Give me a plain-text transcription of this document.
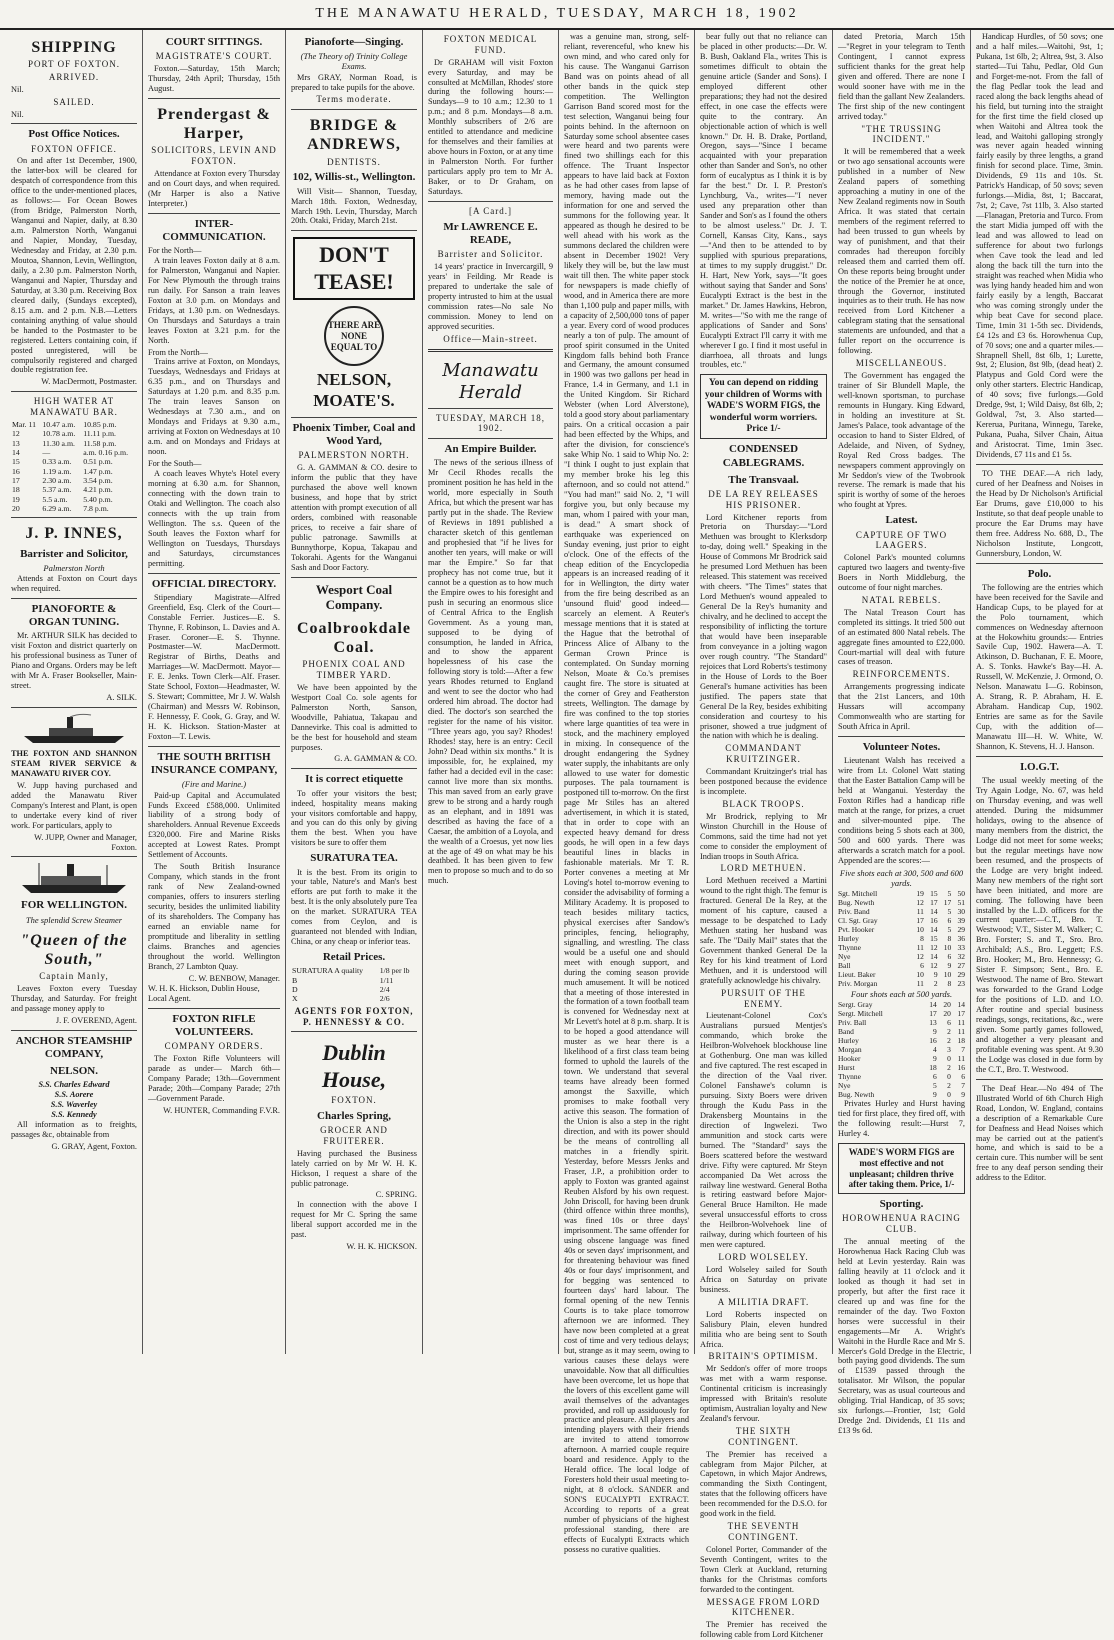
THE MANAWATU HERALD, TUESDAY, MARCH 18, 1902
SHIPPING
PORT OF FOXTON.
ARRIVED.
Nil.
SAILED.
Nil.
Post Office Notices.
FOXTON OFFICE.

On and after 1st December, 1900, the latter-box will be cleared for despatch of correspondence from this office to the under-mentioned places, as follows:— For Ocean Bowes (from Bridge, Palmerston North, Wanganui and Napier, daily, at 8.30 a.m. Palmerston North, Wanganui and Napier, Monday, Tuesday, Wednesday and Friday, at 2.30 p.m. Moutoa, Shannon, Levin, Wellington, daily, a 2.30 p.m. Palmerston North, Wanganui and Napier, Thursday and Saturday, at 3.30 p.m. Receiving Box cleared daily, (Sundays excepted), 8.15 a.m. and 2 p.m. N.B.—Letters containing anything of value should be handed to the Postmaster to be registered. Letters containing coin, if posted unregistered, will be compulsorily registered and charged double registration fee.

W. MacDermott, Postmaster.
HIGH WATER AT MANAWATU BAR.
Mar. 11	10.47 a.m.	10.85 p.m.
12	10.78 a.m.	11.11 p.m.
13	11.30 a.m.	11.58 p.m.
14	—	a.m. 0.16 p.m.
15	0.33 a.m.	0.51 p.m.
16	1.19 a.m.	1.47 p.m.
17	2.30 a.m.	3.54 p.m.
18	5.37 a.m.	4.21 p.m.
19	5.5 a.m.	5.40 p.m.
20	6.29 a.m.	7.8 p.m.
J. P. INNES,
Barrister and Solicitor,
Palmerston North

Attends at Foxton on Court days when required.

PIANOFORTE & ORGAN TUNING.

Mr. ARTHUR SILK has decided to visit Foxton and district quarterly on his professional business as Tuner of Piano and Organs. Orders may be left with Mr A. Fraser Bookseller, Main-street.

A. SILK.

THE FOXTON AND SHANNON STEAM RIVER SERVICE & MANAWATU RIVER COY.

W. Jupp having purchased and added the Manawatu River Company's Interest and Plant, is open to undertake every kind of river work. For particulars, apply to

W. JUPP, Owner and Manager, Foxton.
FOR WELLINGTON.
The splendid Screw Steamer
"Queen of the South,"
Captain Manly,

Leaves Foxton every Tuesday Thursday, and Saturday. For freight and passage money apply to

J. F. OVEREND, Agent.
ANCHOR STEAMSHIP COMPANY,
NELSON.
S.S. Charles Edward
S.S. Aorere
S.S. Waverley
S.S. Kennedy

All information as to freights, passages &c, obtainable from

G. GRAY, Agent, Foxton.
COURT SITTINGS.
MAGISTRATE'S COURT.

Foxton.—Saturday, 15th March; Thursday, 24th April; Thursday, 15th August.

Prendergast & Harper,
SOLICITORS, LEVIN AND FOXTON.

Attendance at Foxton every Thursday and on Court days, and when required. (Mr Harper is also a Native Interpreter.)

INTER-COMMUNICATION.
For the North—

A train leaves Foxton daily at 8 a.m. for Palmerston, Wanganui and Napier. For New Plymouth the through trains run daily. For Sanson a train leaves Foxton at 3.0 p.m. on Mondays and Fridays, at 1.30 p.m. on Wednesdays. On Thursdays and Saturdays a train leaves Foxton at 3.21 p.m. for the North.

From the North—

Trains arrive at Foxton, on Mondays, Tuesdays, Wednesdays and Fridays at 6.35 p.m., and on Thursdays and Saturdays at 1.20 p.m. and 8.35 p.m. The train leaves Sanson on Wednesdays at 7.30 a.m., and on Mondays and Fridays at 9.30 a.m., arriving at Foxton on Wednesdays at 10 a.m. and on Mondays and Fridays at noon.

For the South—

A coach leaves Whyte's Hotel every morning at 6.30 a.m. for Shannon, connecting with the down train to Otaki and Wellington. The coach also connects with the up train from Wellington. The s.s. Queen of the South leaves the Foxton wharf for Wellington on Tuesdays, Thursdays and Saturdays, circumstances permitting.

OFFICIAL DIRECTORY.

Stipendiary Magistrate—Alfred Greenfield, Esq. Clerk of the Court—Constable Ferrier. Justices—E. S. Thynne, F. Robinson, L. Davies and A. Fraser. Coroner—E. S. Thynne. Postmaster—W. MacDermott. Registrar of Births, Deaths and Marriages—W. MacDermott. Mayor—F. E. Jenks. Town Clerk—Alf. Fraser. State School, Foxton—Headmaster, W. S. Stewart; Committee, Mr J. W. Walsh (Chairman) and Messrs W. Robinson, F. Hennessy, F. Cook, G. Gray, and W. H. K. Hickson. Station-Master at Foxton—T. Lewis.

THE SOUTH BRITISH INSURANCE COMPANY,
(Fire and Marine.)

Paid-up Capital and Accumulated Funds Exceed £588,000. Unlimited liability of a strong body of shareholders. Annual Revenue Exceeds £320,000. Fire and Marine Risks accepted at Lowest Rates. Prompt Settlement of Accounts.

The South British Insurance Company, which stands in the front rank of New Zealand-owned companies, offers to insurers sterling security, besides the unlimited liability of its shareholders. The Company has earned an enviable name for promptitude and liberality in settling claims. Branches and agencies throughout the world. Wellington Branch, 27 Lambton Quay.

C. W. BENBOW, Manager.
W. H. K. Hickson, Dublin House, Local Agent.
FOXTON RIFLE VOLUNTEERS.
COMPANY ORDERS.

The Foxton Rifle Volunteers will parade as under— March 6th—Company Parade; 13th—Government Parade; 20th—Company Parade; 27th—Government Parade.

W. HUNTER, Commanding F.V.R.
Pianoforte—Singing.
(The Theory of) Trinity College Exams.

Mrs GRAY, Norman Road, is prepared to take pupils for the above.

Terms moderate.
BRIDGE & ANDREWS,
DENTISTS.
102, Willis-st., Wellington.

Will Visit— Shannon, Tuesday, March 18th. Foxton, Wednesday, March 19th. Levin, Thursday, March 20th. Otaki, Friday, March 21st.

DON'T TEASE!
THERE ARE NONE EQUAL TO
NELSON, MOATE'S.
Phoenix Timber, Coal and Wood Yard,
PALMERSTON NORTH.

G. A. GAMMAN & CO. desire to inform the public that they have purchased the above well known business, and hope that by strict attention with prompt execution of all orders, combined with reasonable prices, to receive a fair share of public patronage. Sawmills at Bunnythorpe, Kopua, Takapau and Tokorahi. Agents for the Wanganui Sash and Door Factory.

Wesport Coal Company.
Coalbrookdale Coal.
PHOENIX COAL AND TIMBER YARD.

We have been appointed by the Westport Coal Co. sole agents for Palmerston North, Sanson, Woodville, Pahiatua, Takapau and Dannevirke. This coal is admitted to be the best for household and steam purposes.

G. A. GAMMAN & CO.
It is correct etiquette

To offer your visitors the best; indeed, hospitality means making your visitors comfortable and happy, and you can do this only by giving them the best. When you have visitors be sure to offer them

SURATURA TEA.

It is the best. From its origin to your table, Nature's and Man's best efforts are put forth to make it the best. It is the only absolutely pure Tea on the market. SURATURA TEA comes from Ceylon, and is guaranteed not blended with Indian, China, or any cheap or inferior teas.

Retail Prices.
SURATURA A quality	1/8 per lb
B	1/11
D	2/4
X	2/6
AGENTS FOR FOXTON, P. HENNESSY & CO.
Dublin House,
FOXTON.
Charles Spring,
GROCER AND FRUITERER.

Having purchased the Business lately carried on by Mr W. H. K. Hickson, I request a share of the public patronage.

C. SPRING.

In connection with the above I request for Mr C. Spring the same liberal support accorded me in the past.

W. H. K. HICKSON.
FOXTON MEDICAL FUND.

Dr GRAHAM will visit Foxton every Saturday, and may be consulted at McMillan, Rhodes' store during the following hours:— Sundays—9 to 10 a.m.; 12.30 to 1 p.m.; and 8 p.m. Mondays—8 a.m. Monthly subscribers of 2/6 are entitled to attendance and medicine for themselves and their families at above hours in Foxton, or at any time in Palmerston North. For further particulars apply pro tem to Mr A. Baker, or to Dr Graham, on Saturdays.

[A Card.]
Mr LAWRENCE E. READE,
Barrister and Solicitor.

14 years' practice in Invercargill, 9 years' in Feilding. Mr Reade is prepared to undertake the sale of property intrusted to him at the usual commission rates—No sale No commission. Money to lend on approved securities.

Office—Main-street.
Manawatu Herald
TUESDAY, MARCH 18, 1902.
An Empire Builder.

The news of the serious illness of Mr Cecil Rhodes recalls the prominent position he has held in the world, more especially in South Africa, but which the present war has partly put in the shade. The Review of Reviews in 1891 published a character sketch of this gentleman and prophesied that "if he lives for another ten years, will make or will mar the Empire." So far that prophecy has not come true, but it cannot be a question as to how much the Empire owes to his foresight and push in securing an enormous slice of Central Africa to the English Government. As a young man, supposed to be dying of consumption, he landed in Africa, and to show the apparent hopelessness of his case the following story is told:—After a few years Rhodes returned to England and went to see the doctor who had ordered him abroad. The doctor had died. The doctor's son searched the register for the name of his visitor. "Three years ago, you say? Rhodes! Rhodes! stay, here is an entry: Cecil John? Dead within six months." It is impossible, for, he explained, my father had a decided evil in the case: cannot live more than six months. This man saved from an early grave grew to be strong and a hardy rough as an elephant, and in 1891 was described as having the face of a Caesar, the ambition of a Loyola, and the wealth of a Croesus, yet now lies at the age of 49 on what may be his deathbed. It has been given to few men to propose so much and to do so much.

was a genuine man, strong, self-reliant, reverenceful, who knew his own mind, and who cared only for his cause. The Wanganui Garrison Band was on points ahead of all other bands in the quick step competition. The Wellington Garrison Band scored most for the test selection, Wanganui being four points behind. In the afternoon on Saturday some school absentee cases were heard and two parents were fined two shillings each for this offence. The Truant Inspector appears to have laid back at Foxton as he had other cases from lapse of memory, having made out the information for one and served the summons for the following year. It appeared as though he desired to be well ahead with his work as the summons declared the children were absent in December 1902! Very likely they will be, but the law must wait till then. The white paper stock for newspapers is made chiefly of wood, and in America there are more than 1,100 pulp and paper mills, with a capacity of 2,500,000 tons of paper a year. Every cord of wood produces nearly a ton of pulp. The amount of proof spirit consumed in the United Kingdom falls behind both France and Germany, the amount consumed in 1900 was two gallons per head in France, 1.4 in Germany, and 1.1 in the United Kingdom. Sir Richard Webster (when Lord Alverstone), told a good story about parliamentary pairs. On a critical occasion a pair had been effected by the Whips, and after the division, for conscience's sake Whip No. 1 said to Whip No. 2: "I think I ought to just explain that my member broke his leg this afternoon, and so could not attend." "You had man!" said No. 2, "I will forgive you, but only because my man, whom I paired with your man, is dead." A smart shock of earthquake was experienced on Sunday evening, just prior to eight o'clock. One of the effects of the cheap edition of the Encyclopedia appears is an increased reading of it for in Wellington, the dirty water from the fire being described as an 'unsound fluid' good indeed—scarcely an element. A Reuter's message mentions that it is stated at the Hague that the betrothal of Princess Alice of Albany to the German Crown Prince is contemplated. On Sunday morning Nelson, Moate & Co.'s premises caught fire. The store is situated at the corner of Grey and Featherston streets, Wellington. The damage by fire was confined to the top stories where large quantities of tea were in stock, and the machinery employed in mixing. In consequence of the drought endangering the Sydney water supply, the inhabitants are only allowed to use water for domestic purposes. The pala tournament is postponed till to-morrow. On the first page Mr Stiles has an altered advertisement, in which it is stated, that in order to cope with an expected heavy demand for dress goods, he will open in a few days beautiful lines in blacks in fashionable materials. Mr T. R. Porter convenes a meeting at Mr Loving's hotel to-morrow evening to consider the advisability of forming a Military Academy. It is proposed to teach besides military tactics, physical exercises after Sandow's principles, fencing, heliography, signalling, and wrestling. The class would be a useful one and should meet with enough support, and during the coming season provide much amusement. It will be noticed that a meeting of those interested in the formation of a town football team is convened for Wednesday next at Mr Levett's hotel at 8 p.m. sharp. It is to be hoped a good attendance will muster as we hear there is a likelihood of a first class team being formed to uphold the laurels of the town. We understand that several teams have already been formed amongst the Saxville, which promises to make football very active this season. The formation of the Union is also a step in the right direction, and with its power should be the means of controlling all matches in a friendly spirit. Yesterday, before Messrs Jenks and Fraser, J.P., a prohibition order to apply to Foxton was granted against Reuben Alsford by his own request. John Driscoll, for having been drunk (third offence within three months), was fined 10s or three days' imprisonment. The same offender for using obscene language was fined 40s or seven days' imprisonment, and for threatening behaviour was fined 40s or four days' imprisonment, and for begging was sentenced to fourteen days' hard labour. The formal opening of the new Tennis Courts is to take place tomorrow afternoon we are informed. They have now been completed at a great cost of time and very tedious delays; but, strange as it may seem, owing to various causes these delays were unavoidable. Now that all difficulties have been overcome, let us hope that the lovers of this excellent game will avail themselves of the advantages provided, and roll up assiduously for practice and pleasure. All players and intending players with their friends are invited to attend tomorrow afternoon. A married couple require board and residence. Apply to the Herald office. The local lodge of Foresters hold their usual meeting to-night, at 8 o'clock. SANDER and SON'S EUCALYPTI EXTRACT. According to reports of a great number of physicians of the highest professional standing, there are effects of Eucalypti Extracts which possess no curative qualities.

bear fully out that no reliance can be placed in other products:—Dr. W. B. Bush, Oakland Fla., writes This is sometimes difficult to obtain the genuine article (Sander and Sons). I employed different other preparations; they had not the desired effect, in one case the effects were quite to the contrary. An objectionable action of which is well known." Dr. H. B. Drake, Portland, Oregon, says—"Since I became acquainted with your preparation other than Sander and Son's, no other form of eucalyptus as I think it is by far the best." Dr. I. P. Preston's Lynchburg, Va., writes—"I never used any preparation other than Sander and Son's as I found the others to be almost useless." Dr. J. T. Cornell, Kansas City, Kans., says —"And then to be attended to by supplied with spurious preparations, at times to my supply druggist." Dr. H. Hart, New York, says—"It goes without saying that Sander and Sons' Eucalypti Extract is the best in the market." Dr. James Hawkins, Hebron, M. writes—"So with me the range of applications of Sander and Sons' Eucalypti Extract I'll carry it with me wherever I go. I find it most useful in diarrhoea, all throats and lungs troubles, etc."

You can depend on ridding your children of Worms with WADE'S WORM FIGS, the wonderful worm worriers. Price 1/-
CONDENSED CABLEGRAMS.
The Transvaal.
DE LA REY RELEASES HIS PRISONER.

Lord Kitchener reports from Pretoria on Thursday:—"Lord Methuen was brought to Klerksdorp to-day, doing well." Speaking in the House of Commons Mr Brodrick said he presumed Lord Methuen has been released. This statement was received with cheers. "The Times" states that Lord Methuen's wound appealed to General De la Rey's humanity and chivalry, and he declined to accept the responsibility of inflicting the torture that would have been inseparable from conveyance in a jolting wagon over rough country. "The Standard" rejoices that Lord Roberts's testimony in the House of Lords to the Boer General's humane activities has been justified. The papers state that General De la Rey, besides exhibiting consideration and courtesy to his prisoner, showed a true judgment of the nation with which he is dealing.

COMMANDANT KRUITZINGER.

Commandant Kruitzinger's trial has been postponed because the evidence is incomplete.

BLACK TROOPS.

Mr Brodrick, replying to Mr Winston Churchill in the House of Commons, said the time had not yet come to consider the employment of Indian troops in South Africa.

LORD METHUEN.

Lord Methuen received a Martini wound to the right thigh. The femur is fractured. General De la Rey, at the moment of his capture, caused a message to be despatched to Lady Methuen stating her husband was safe. The "Daily Mail" states that the Government thanked General De la Rey for his kind treatment of Lord Methuen, and it is understood will gratefully acknowledge his chivalry.

PURSUIT OF THE ENEMY.

Lieutenant-Colonel Cox's Australians pursued Mentjes's commando, which broke the Heilbron-Wolvehoek blockhouse line at Gothenburg. One man was killed and five captured. The rest escaped in the direction of the Vaal river. Colonel Fanshawe's column is pursuing. Sixty Boers were driven through the Kudu Pass in the Drakensberg Mountains in the direction of Ingwelezi. Two ammunition and stock carts were burned. The "Standard" says the Boers scattered before the westward drive. Fifty were captured. Mr Steyn accompanied Da Wet across the railway line westward. General Botha is retiring eastward before Major-General Bruce Hamilton. He made several unsuccessful efforts to cross the Heilbron-Wolvehoek line of railway, during which fourteen of his men were captured.

LORD WOLSELEY.

Lord Wolseley sailed for South Africa on Saturday on private business.

A MILITIA DRAFT.

Lord Roberts inspected on Salisbury Plain, eleven hundred militia who are being sent to South Africa.

BRITAIN'S OPTIMISM.

Mr Seddon's offer of more troops was met with a warm response. Continental criticism is increasingly impressed with Britain's resolute optimism, Australian loyalty and New Zealand's fervour.

THE SIXTH CONTINGENT.

The Premier has received a cablegram from Major Pilcher, at Capetown, in which Major Andrews, commanding the Sixth Contingent, states that the following officers have been recommended for the D.S.O. for good work in the field.

THE SEVENTH CONTINGENT.

Colonel Porter, Commander of the Seventh Contingent, writes to the Town Clerk at Auckland, returning thanks for the Christmas comforts forwarded to the contingent.

MESSAGE FROM LORD KITCHENER.

The Premier has received the following cable from Lord Kitchener

dated Pretoria, March 15th—"Regret in your telegram to Tenth Contingent, I cannot express sufficient thanks for the great help given and offered. There are none I would sooner have with me in the field than the gallant New Zealanders. The first ship of the new contingent arrived today."

"THE TRUSSING INCIDENT."

It will be remembered that a week or two ago sensational accounts were published in a number of New Zealand papers of something approaching a mutiny in one of the New Zealand regiments now in South Africa. It was stated that certain members of the regiment referred to had been trussed to gun wheels by way of punishment, and that their comrades had thereupon forcibly released them and carried them off. On these reports being brought under the notice of the Premier he at once, through the Governor, instituted inquiries as to their truth. He has now received from Lord Kitchener a cablegram stating that the sensational statements are unfounded, and that a fuller report on the occurrence is following.

MISCELLANEOUS.

The Government has engaged the trainer of Sir Blundell Maple, the well-known sportsman, to purchase remounts in Hungary. King Edward, in holding an investiture at St. James's Palace, took advantage of the occasion to hand to Sister Eldred, of Adelaide, and Niven, of Sydney, Royal Red Cross badges. The newspapers comment approvingly on Mr Seddon's view of the Twobrook reverse. The remark is made that his spirit is worthy of some of the heroes who fought at Ypres.

Latest.
CAPTURE OF TWO LAAGERS.

Colonel Park's mounted columns captured two laagers and twenty-five Boers in North Middleburg, the outcome of four night marches.

NATAL REBELS.

The Natal Treason Court has completed its sittings. It tried 500 out of an estimated 800 Natal rebels. The aggregate fines amounted to £22,000. Court-martial will deal with future cases of treason.

REINFORCEMENTS.

Arrangements progressing indicate that the 21st Lancers, and 10th Hussars will accompany Commonwealth who are starting for South Africa in April.

Volunteer Notes.

Lieutenant Walsh has received a wire from Lt. Colonel Watt stating that the Easter Battalion Camp will be held at Wanganui. Yesterday the Foxton Rifles had a handicap rifle match at the range, for prizes, a cruet and silver-mounted pipe. The conditions being 5 shots each at 300, 500 and 600 yards. There was afterwards a scratch match for a pool. Appended are the scores:—

Five shots each at 300, 500 and 600 yards.
Sgt. Mitchell	19	15	5	50
Bug. Newth	12	17	17	51
Priv. Band	11	14	5	30
Cl. Sgt. Gray	17	16	6	39
Pvt. Hooker	10	14	5	29
Hurley	8	15	8	36
Thynne	11	12	10	33
Nye	12	14	6	32
Ball	6	12	9	27
Lieut. Baker	10	9	10	29
Priv. Morgan	11	2	8	23
Four shots each at 500 yards.
Sergt. Gray	14	20	14
Sergt. Mitchell	17	20	17
Priv. Ball	13	6	11
Band	9	2	11
Hurley	16	2	18
Morgan	4	3	7
Hooker	9	0	11
Hurst	18	2	16
Thynne	6	0	6
Nye	5	2	7
Bug. Newth	9	0	9

Privates Hurley and Hurst having tied for first place, they fired off, with the following result:—Hurst 7, Hurley 4.

WADE'S WORM FIGS are most effective and not unpleasant; children thrive after taking them. Price, 1/-
Sporting.
HOROWHENUA RACING CLUB.

The annual meeting of the Horowhenua Hack Racing Club was held at Levin yesterday. Rain was falling heavily at 11 o'clock and it looked as though it had set in properly, but after the first race it cleared up and was fine for the remainder of the day. Two Foxton horses were successful in their engagements—Mr A. Wright's Waitohi in the Hurdle Race and Mr S. Mercer's Gold Dredge in the Electric, both paying good dividends. The sum of £1539 passed through the totalisator. Mr Wilson, the popular Secretary, was as usual courteous and obliging. Trial Handicap, of 35 sovs; six furlongs.—Frontier, 1st; Gold Dredge 2nd. Dividends, £1 11s and £13 9s 6d.

Handicap Hurdles, of 50 sovs; one and a half miles.—Waitohi, 9st, 1; Pukana, 1st 6lb, 2; Altrea, 9st, 3. Also started—Tui Tahu, Pedlar, Old Gun and Forget-me-not. From the fall of the flag Pedlar took the lead and raced along the back lengths ahead of his field, but turning into the straight for the first time the field closed up when Waitohi and Altrea took the lead, and Waitohi galloping strongly was never again headed winning fairly easily by three lengths, a grand finish for second place. Time, 3min. Dividends, £9 11s and 10s. St. Patrick's Handicap, of 50 sovs; seven furlongs.—Midia, 8st, 1; Baccarat, 7st, 2; Cave, 7st 11lb, 3. Also started—Flanagan, Pretoria and Turco. From the start Midia jumped off with the lead and was allowed to lead on sufference for about two furlongs when Cave took the lead and led along the back till the turn into the straight was reached when Midia who was lying handy headed him and won fairly easily by a length, Baccarat who was coming strongly under the whip beat Cave for second place. Time, 1min 31 1-5th sec. Dividends, £4 12s and £3 6s. Horowhenua Cup, of 70 sovs; one and a quarter miles.—Shrapnell Shell, 8st 6lb, 1; Lurette, 9st, 2; Elusion, 8st 9lb, (dead heat) 2. Platypus and Gold Cord were the only other starters. Electric Handicap, of 40 sovs; five furlongs.—Gold Dredge, 9st, 1; Wild Daisy, 8st 6lb, 2; Goldwal, 7st, 3. Also started—Kererua, Puritana, Winnegu, Tareke, Pukana, Puaha, Silver Chain, Aitua and Aristocrat. Time, 1min 3sec. Dividends, £7 11s and £1 5s.

TO THE DEAF.—A rich lady, cured of her Deafness and Noises in the Head by Dr Nicholson's Artificial Ear Drums, gave £10,000 to his Institute, so that deaf people unable to procure the Ear Drums may have them free. Address No. 688, D., The Nicholson Institute, Longcott, Gunnersbury, London, W.

Polo.

The following are the entries which have been received for the Savile and Handicap Cups, to be played for at the Polo tournament, which commences on Wednesday afternoon at the Hokowhitu grounds:— Entries Savile Cup, 1902. Hawera—A. T. Atkinson, D. Buchanan, F. E. Moore, A. S. Tonks. Hawke's Bay—H. A. Russell, W. McKenzie, J. Ormond, O. Nelson. Manawatu I—G. Robinson, A. Strang, R. P. Abraham, H. E. Abraham. Handicap Cup, 1902. Entries are same as for the Savile Cup, with the addition of— Manawatu III—H. W. White, W. Shannon, K. Stevens, H. J. Hanson.

I.O.G.T.

The usual weekly meeting of the Try Again Lodge, No. 67, was held on Thursday evening, and was well attended. During the midsummer holidays, owing to the absence of many members from the district, the Lodge did not meet for some weeks; but the regular meetings have now been resumed, and the prospects of the Lodge are very bright indeed. Many new members of the right sort have been initiated, and more are coming. The following have been installed by the L.D. officers for the current quarter:—C.T., Bro. T. Westwood; V.T., Sister M. Walker; C. Bro. Forster; S. and T., Sro. Bro. Archibald; A.S., Bro. Leggett; F.S. Bro. Hooker; M., Bro. Hennessy; G. Sister F. Simpson; Sent., Bro. E. Westwood. The name of Bro. Stewart was forwarded to the Grand Lodge for the positions of L.D. and I.O. After routine and special business readings, songs, recitations, &c., were given. Some partly games followed, and altogether a very pleasant and profitable evening was spent. At 9.30 the Lodge was closed in due form by the C.T., Bro. T. Westwood.

The Deaf Hear.—No 494 of The Illustrated World of 6th Church High Road, London, W. England, contains a description of a Remarkable Cure for Deafness and Head Noises which may be carried out at the patient's home, and which is said to be a certain cure. This number will be sent free to any deaf person sending their address to the Editor.
